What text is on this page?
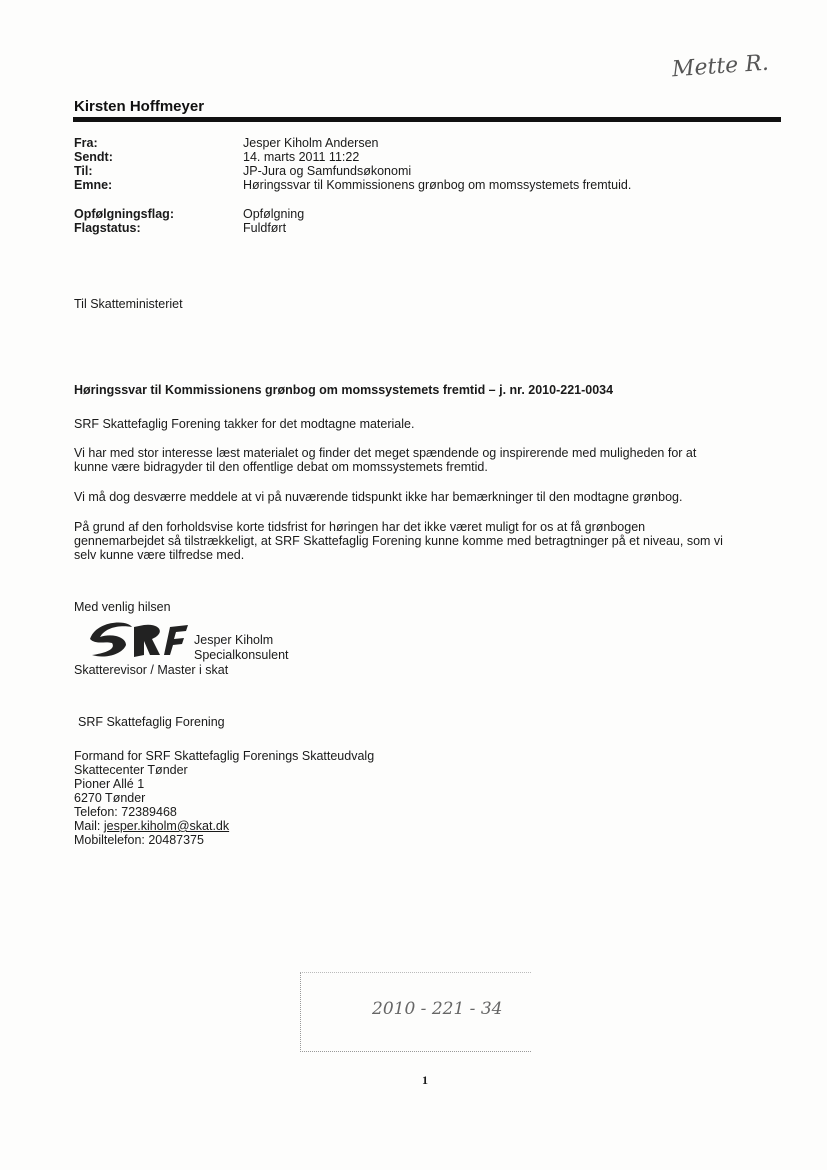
Mette R.
Kirsten Hoffmeyer
Fra:	Jesper Kiholm Andersen
Sendt:	14. marts 2011 11:22
Til:	JP-Jura og Samfundsøkonomi
Emne:	Høringssvar til Kommissionens grønbog om momssystemets fremtuid.
Opfølgningsflag:	Opfølgning
Flagstatus:	Fuldført
Til Skatteministeriet
Høringssvar til Kommissionens grønbog om momssystemets fremtid – j. nr. 2010-221-0034
SRF Skattefaglig Forening takker for det modtagne materiale.

Vi har med stor interesse læst materialet og finder det meget spændende og inspirerende med muligheden for at

kunne være bidragyder til den offentlige debat om momssystemets fremtid.

Vi må dog desværre meddele at vi på nuværende tidspunkt ikke har bemærkninger til den modtagne grønbog.

På grund af den forholdsvise korte tidsfrist for høringen har det ikke været muligt for os at få grønbogen

gennemarbejdet så tilstrækkeligt, at SRF Skattefaglig Forening kunne komme med betragtninger på et niveau, som vi

selv kunne være tilfredse med.

Med venlig hilsen
SRF
Jesper Kiholm
Specialkonsulent
Skatterevisor / Master i skat
SRF Skattefaglig Forening
Formand for SRF Skattefaglig Forenings Skatteudvalg
Skattecenter Tønder
Pioner Allé 1
6270 Tønder
Telefon: 72389468
Mail: jesper.kiholm@skat.dk
Mobiltelefon: 20487375
2010 - 221 - 34
1
